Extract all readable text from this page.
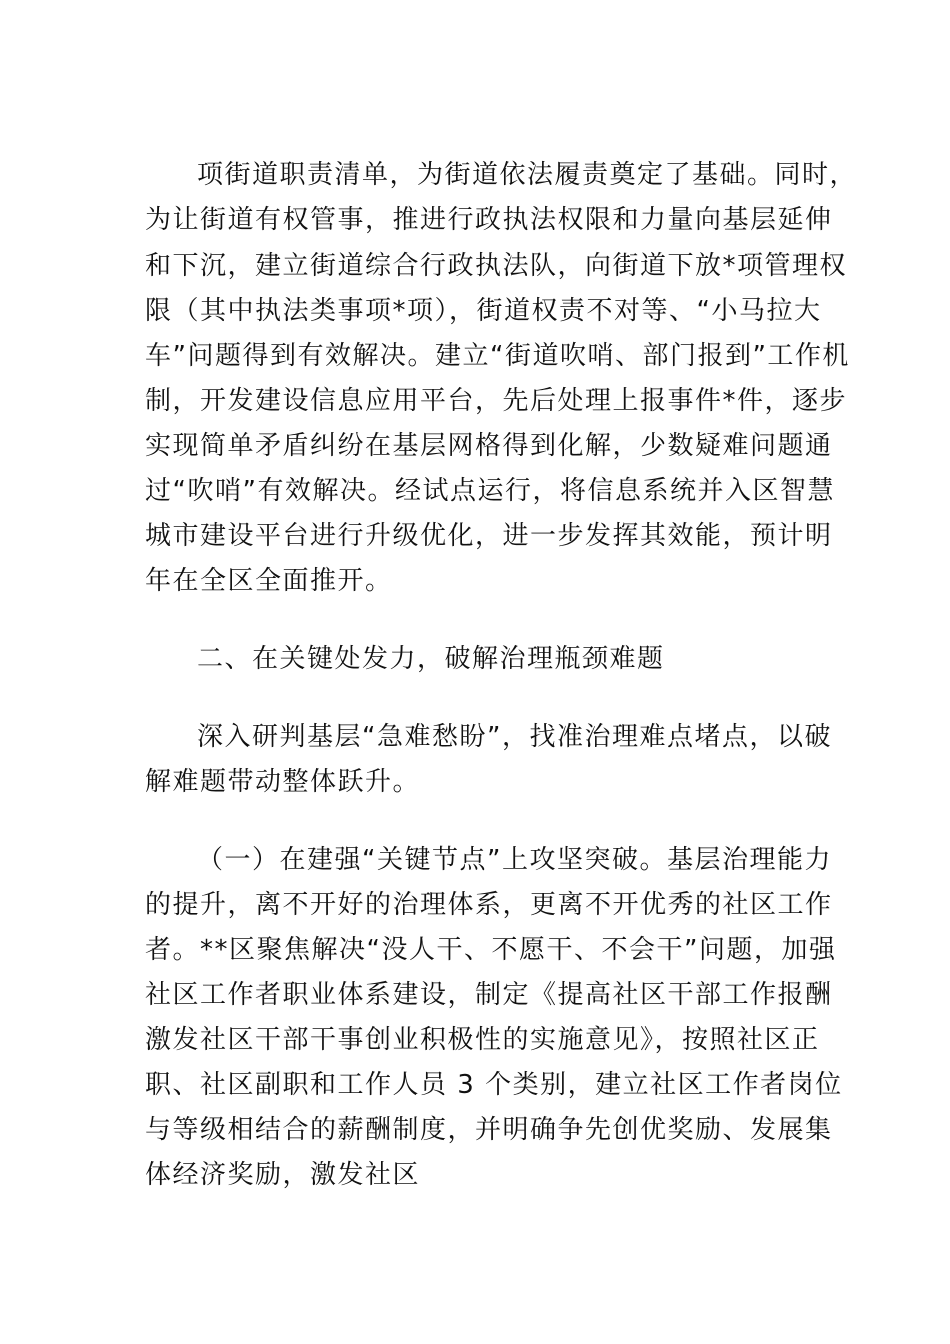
项街道职责清单，为街道依法履责奠定了基础。同时，
为让街道有权管事，推进行政执法权限和力量向基层延伸
和下沉，建立街道综合行政执法队，向街道下放*项管理权
限（其中执法类事项*项），街道权责不对等、“小马拉大
车”问题得到有效解决。建立“街道吹哨、部门报到”工作机
制，开发建设信息应用平台，先后处理上报事件*件，逐步
实现简单矛盾纠纷在基层网格得到化解，少数疑难问题通
过“吹哨”有效解决。经试点运行，将信息系统并入区智慧
城市建设平台进行升级优化，进一步发挥其效能，预计明
年在全区全面推开。
二、在关键处发力，破解治理瓶颈难题
深入研判基层“急难愁盼”，找准治理难点堵点，以破
解难题带动整体跃升。
（一）在建强“关键节点”上攻坚突破。基层治理能力
的提升，离不开好的治理体系，更离不开优秀的社区工作
者。**区聚焦解决“没人干、不愿干、不会干”问题，加强
社区工作者职业体系建设，制定《提高社区干部工作报酬
激发社区干部干事创业积极性的实施意见》，按照社区正
职、社区副职和工作人员 3 个类别，建立社区工作者岗位
与等级相结合的薪酬制度，并明确争先创优奖励、发展集
体经济奖励，激发社区
